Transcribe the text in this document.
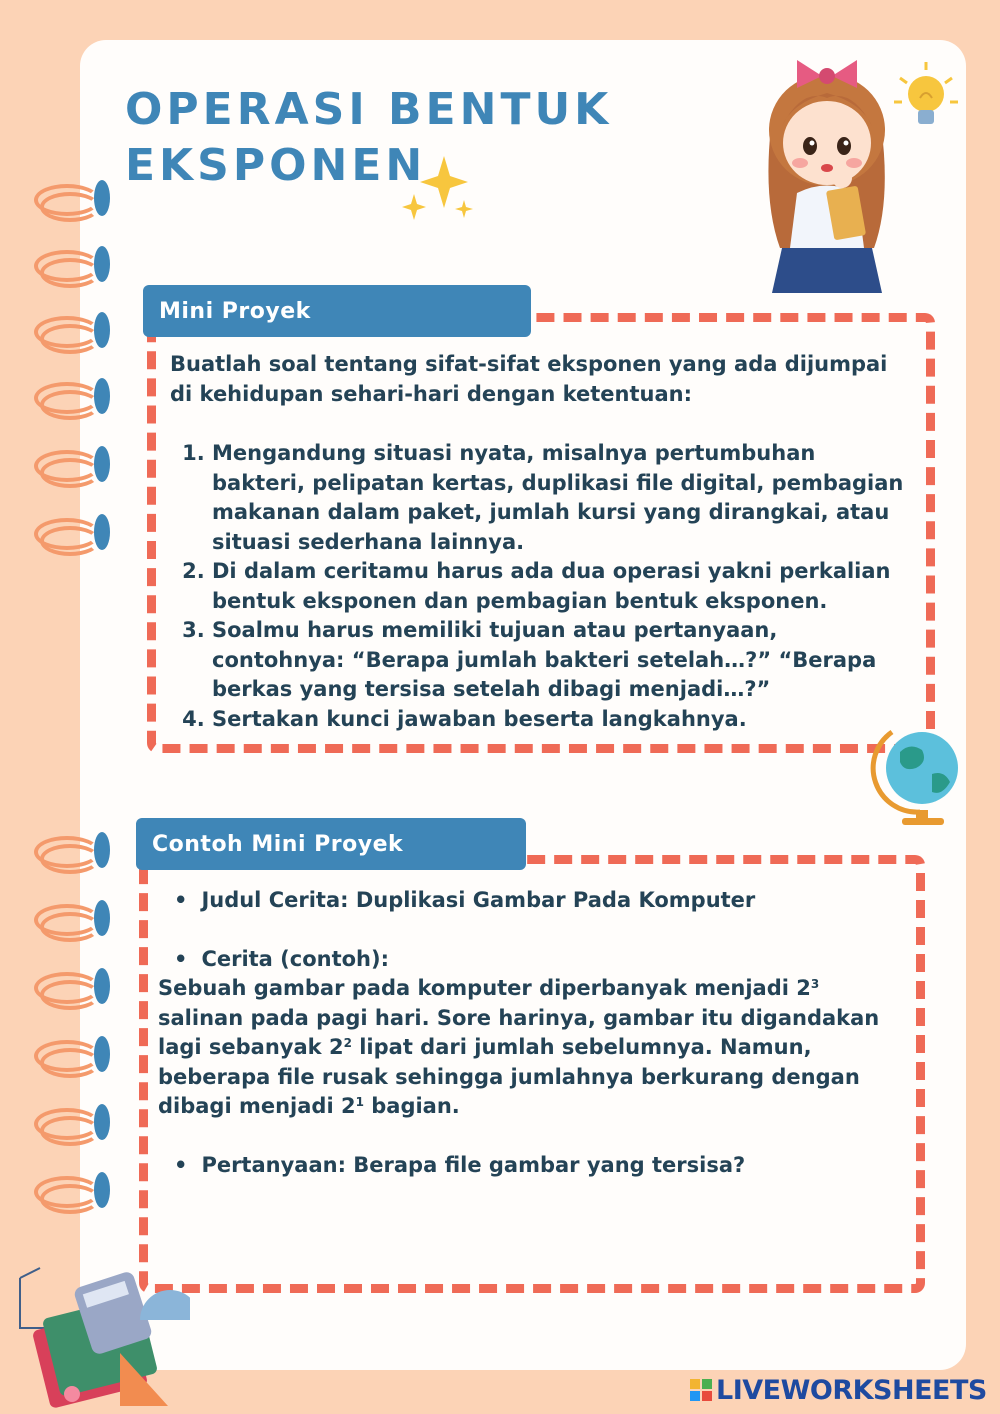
OPERASI BENTUK
EKSPONEN
Mini Proyek

Buatlah soal tentang sifat-sifat eksponen yang ada dijumpai di kehidupan sehari-hari dengan ketentuan:

1. Mengandung situasi nyata, misalnya pertumbuhan bakteri, pelipatan kertas, duplikasi file digital, pembagian makanan dalam paket, jumlah kursi yang dirangkai, atau situasi sederhana lainnya.
2. Di dalam ceritamu harus ada dua operasi yakni perkalian bentuk eksponen dan pembagian bentuk eksponen.
3. Soalmu harus memiliki tujuan atau pertanyaan, contohnya: “Berapa jumlah bakteri setelah…?” “Berapa berkas yang tersisa setelah dibagi menjadi…?”
4. Sertakan kunci jawaban beserta langkahnya.
Contoh Mini Proyek

• Judul Cerita: Duplikasi Gambar Pada Komputer

• Cerita (contoh):

Sebuah gambar pada komputer diperbanyak menjadi $2^3$ salinan pada pagi hari. Sore harinya, gambar itu digandakan lagi sebanyak $2^2$ lipat dari jumlah sebelumnya. Namun, beberapa file rusak sehingga jumlahnya berkurang dengan dibagi menjadi $2^1$ bagian.

• Pertanyaan: Berapa file gambar yang tersisa?

LIVEWORKSHEETS
